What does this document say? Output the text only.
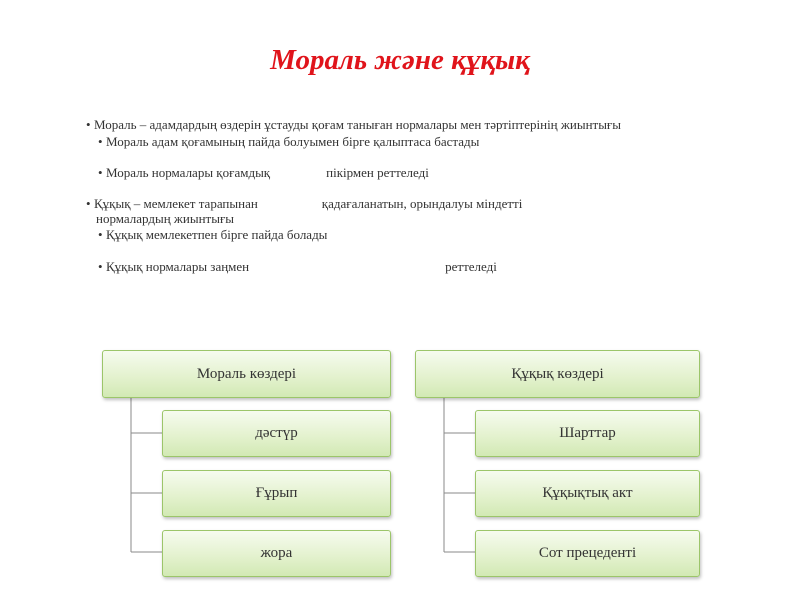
Мораль және құқық
• Мораль – адамдардың өздерін ұстауды қоғам танығaн нормалары мен тәртіптерінің жиынтығы
• Мораль адам қоғамының пайда болуымен бірге қалыптаса бастады
• Мораль нормалары қоғамдық	пікірмен реттеледі
• Құқық – мемлекет тарапынан	қадағаланатын, орындалуы міндетті
нормалардың жиынтығы
• Құқық мемлекетпен бірге пайда болады
• Құқық нормалары заңмен	реттеледі
Мораль көздері
дәстүр
Ғұрып
жора
Құқық көздері
Шарттар
Құқықтық акт
Сот прецеденті
